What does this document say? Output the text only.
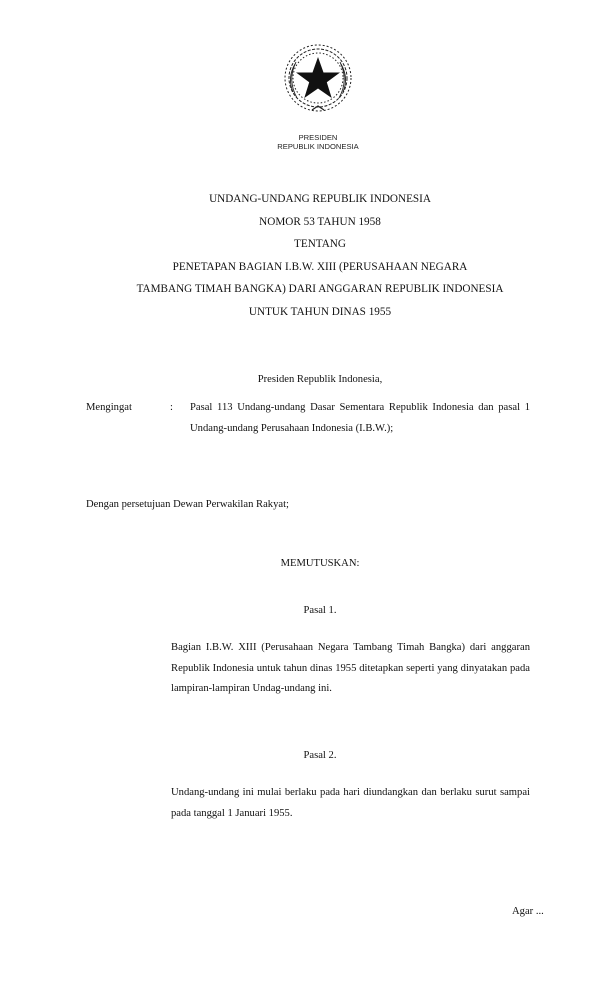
PRESIDEN
REPUBLIK INDONESIA
UNDANG-UNDANG REPUBLIK INDONESIA
NOMOR 53 TAHUN 1958
TENTANG
PENETAPAN BAGIAN I.B.W. XIII (PERUSAHAAN NEGARA
TAMBANG TIMAH BANGKA) DARI ANGGARAN REPUBLIK INDONESIA
UNTUK TAHUN DINAS 1955
Presiden Republik Indonesia,
Mengingat	: Pasal 113 Undang-undang Dasar Sementara Republik Indonesia dan pasal 1 Undang-undang Perusahaan Indonesia (I.B.W.);
Dengan persetujuan Dewan Perwakilan Rakyat;
MEMUTUSKAN:
Pasal 1.
Bagian I.B.W. XIII (Perusahaan Negara Tambang Timah Bangka) dari anggaran Republik Indonesia untuk tahun dinas 1955 ditetapkan seperti yang dinyatakan pada lampiran-lampiran Undag-undang ini.
Pasal 2.
Undang-undang ini mulai berlaku pada hari diundangkan dan berlaku surut sampai pada tanggal 1 Januari 1955.
Agar ...
